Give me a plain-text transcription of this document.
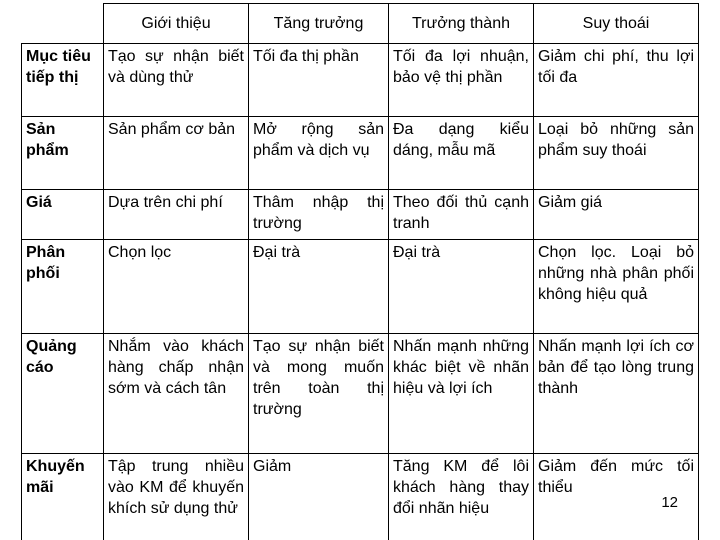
	Giới thiệu	Tăng trưởng	Trưởng thành	Suy thoái
Mục tiêu tiếp thị	Tạo sự nhận biết và dùng thử	Tối đa thị phần	Tối đa lợi nhuận, bảo vệ thị phần	Giảm chi phí, thu lợi tối đa
Sản phẩm	Sản phẩm cơ bản	Mở rộng sản phẩm và dịch vụ	Đa dạng kiểu dáng, mẫu mã	Loại bỏ những sản phẩm suy thoái
Giá	Dựa trên chi phí	Thâm nhập thị trường	Theo đối thủ cạnh tranh	Giảm giá
Phân phối	Chọn lọc	Đại trà	Đại trà	Chọn lọc. Loại bỏ những nhà phân phối không hiệu quả
Quảng cáo	Nhắm vào khách hàng chấp nhận sớm và cách tân	Tạo sự nhận biết và mong muốn trên toàn thị trường	Nhấn mạnh những khác biệt về nhãn hiệu và lợi ích	Nhấn mạnh lợi ích cơ bản để tạo lòng trung thành
Khuyến mãi	Tập trung nhiều vào KM để khuyến khích sử dụng thử	Giảm	Tăng KM để lôi khách hàng thay đổi nhãn hiệu	Giảm đến mức tối thiểu
12
